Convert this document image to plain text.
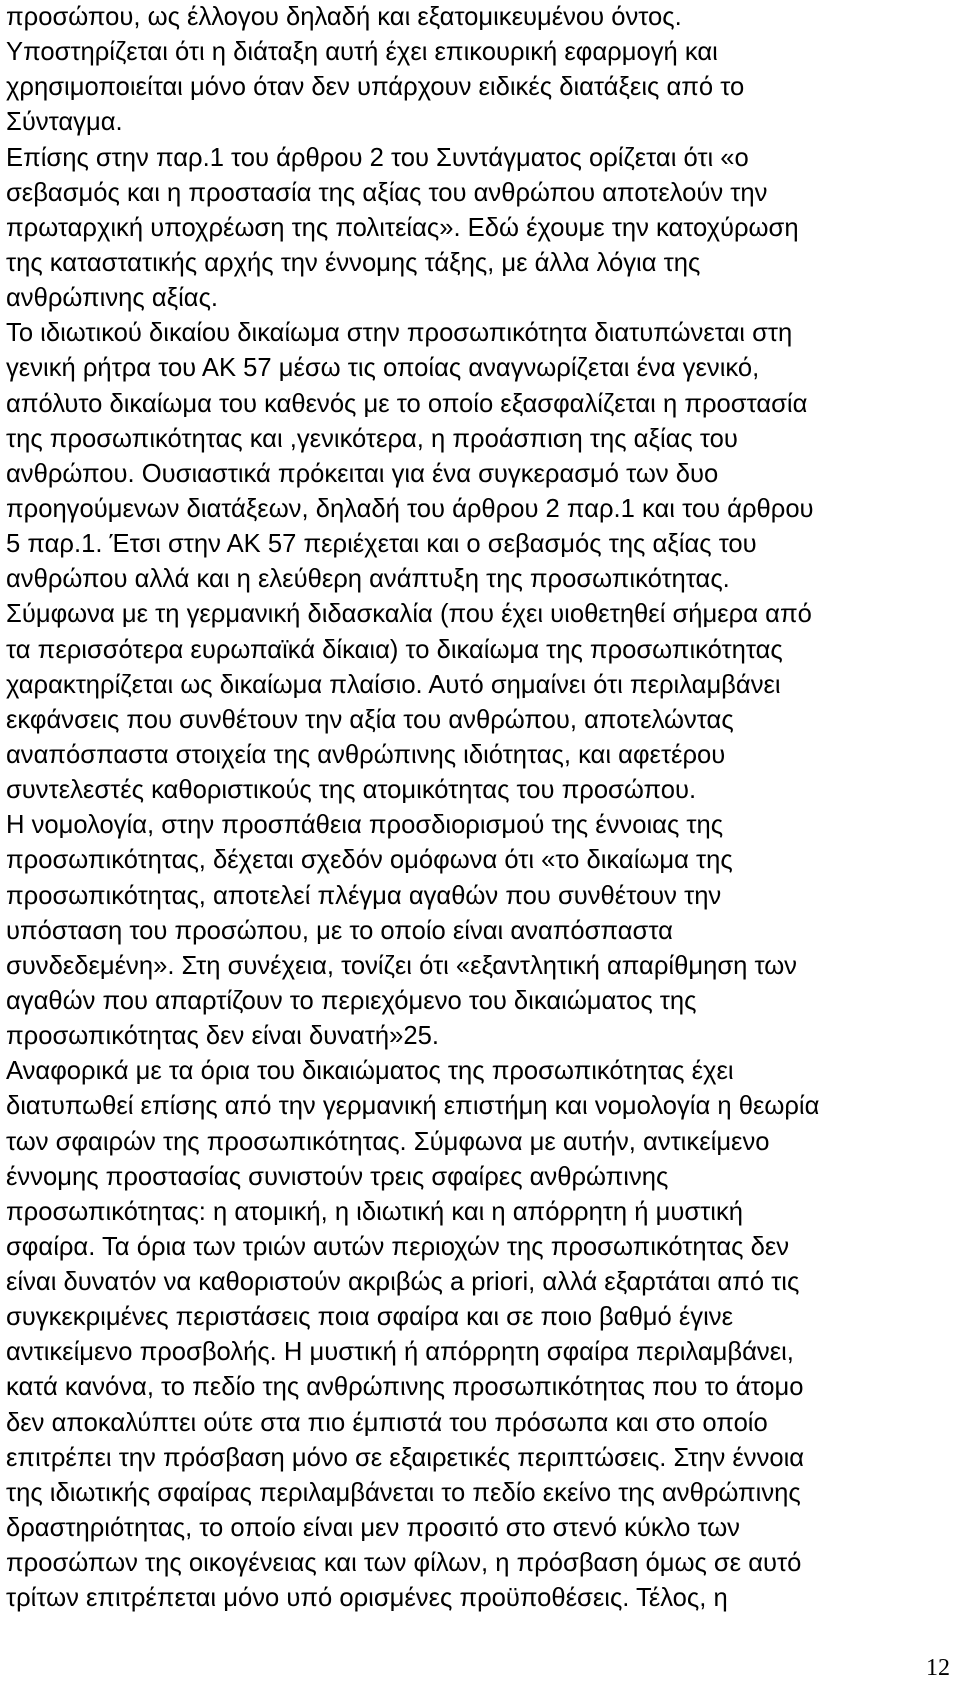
προσώπου, ως έλλογου δηλαδή και εξατομικευμένου όντος.
Υποστηρίζεται ότι η διάταξη αυτή έχει επικουρική εφαρμογή και
χρησιμοποιείται μόνο όταν δεν υπάρχουν ειδικές διατάξεις από το
Σύνταγμα.
Επίσης στην παρ.1 του άρθρου 2 του Συντάγματος ορίζεται ότι «ο
σεβασμός και η προστασία της αξίας του ανθρώπου αποτελούν την
πρωταρχική υποχρέωση της πολιτείας». Εδώ έχουμε την κατοχύρωση
της καταστατικής αρχής την έννομης τάξης, με άλλα λόγια της
ανθρώπινης αξίας.
Το ιδιωτικού δικαίου δικαίωμα στην προσωπικότητα διατυπώνεται στη
γενική ρήτρα του ΑΚ 57 μέσω τις οποίας αναγνωρίζεται ένα γενικό,
απόλυτο δικαίωμα του καθενός με το οποίο εξασφαλίζεται η προστασία
της προσωπικότητας και ,γενικότερα, η προάσπιση της αξίας του
ανθρώπου. Ουσιαστικά πρόκειται για ένα συγκερασμό των δυο
προηγούμενων διατάξεων, δηλαδή του άρθρου 2 παρ.1 και του άρθρου
5 παρ.1. Έτσι στην ΑΚ 57 περιέχεται και ο σεβασμός της αξίας του
ανθρώπου αλλά και η ελεύθερη ανάπτυξη της προσωπικότητας.
Σύμφωνα με τη γερμανική διδασκαλία (που έχει υιοθετηθεί σήμερα από
τα περισσότερα ευρωπαϊκά δίκαια) το δικαίωμα της προσωπικότητας
χαρακτηρίζεται ως δικαίωμα πλαίσιο. Αυτό σημαίνει ότι περιλαμβάνει
εκφάνσεις που συνθέτουν την αξία του ανθρώπου, αποτελώντας
αναπόσπαστα στοιχεία της ανθρώπινης ιδιότητας, και αφετέρου
συντελεστές καθοριστικούς της ατομικότητας του προσώπου.
Η νομολογία, στην προσπάθεια προσδιορισμού της έννοιας της
προσωπικότητας, δέχεται σχεδόν ομόφωνα ότι «το δικαίωμα της
προσωπικότητας, αποτελεί πλέγμα αγαθών που συνθέτουν την
υπόσταση του προσώπου, με το οποίο είναι αναπόσπαστα
συνδεδεμένη». Στη συνέχεια, τονίζει ότι «εξαντλητική απαρίθμηση των
αγαθών που απαρτίζουν το περιεχόμενο του δικαιώματος της
προσωπικότητας δεν είναι δυνατή»25.
Αναφορικά με τα όρια του δικαιώματος της προσωπικότητας έχει
διατυπωθεί επίσης από την γερμανική επιστήμη και νομολογία η θεωρία
των σφαιρών της προσωπικότητας. Σύμφωνα με αυτήν, αντικείμενο
έννομης προστασίας συνιστούν τρεις σφαίρες ανθρώπινης
προσωπικότητας: η ατομική, η ιδιωτική και η απόρρητη ή μυστική
σφαίρα. Τα όρια των τριών αυτών περιοχών της προσωπικότητας δεν
είναι δυνατόν να καθοριστούν ακριβώς a priori, αλλά εξαρτάται από τις
συγκεκριμένες περιστάσεις ποια σφαίρα και σε ποιο βαθμό έγινε
αντικείμενο προσβολής. Η μυστική ή απόρρητη σφαίρα περιλαμβάνει,
κατά κανόνα, το πεδίο της ανθρώπινης προσωπικότητας που το άτομο
δεν αποκαλύπτει ούτε στα πιο έμπιστά του πρόσωπα και στο οποίο
επιτρέπει την πρόσβαση μόνο σε εξαιρετικές περιπτώσεις. Στην έννοια
της ιδιωτικής σφαίρας περιλαμβάνεται το πεδίο εκείνο της ανθρώπινης
δραστηριότητας, το οποίο είναι μεν προσιτό στο στενό κύκλο των
προσώπων της οικογένειας και των φίλων, η πρόσβαση όμως σε αυτό
τρίτων επιτρέπεται μόνο υπό ορισμένες προϋποθέσεις. Τέλος, η
12
